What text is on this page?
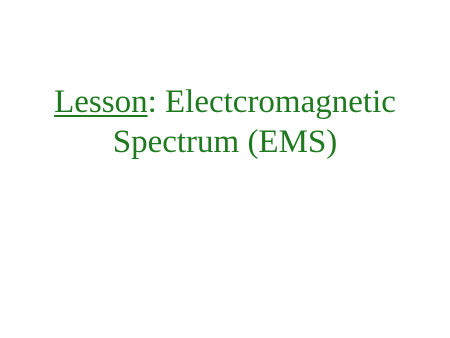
Lesson: Electcromagnetic
Spectrum (EMS)
